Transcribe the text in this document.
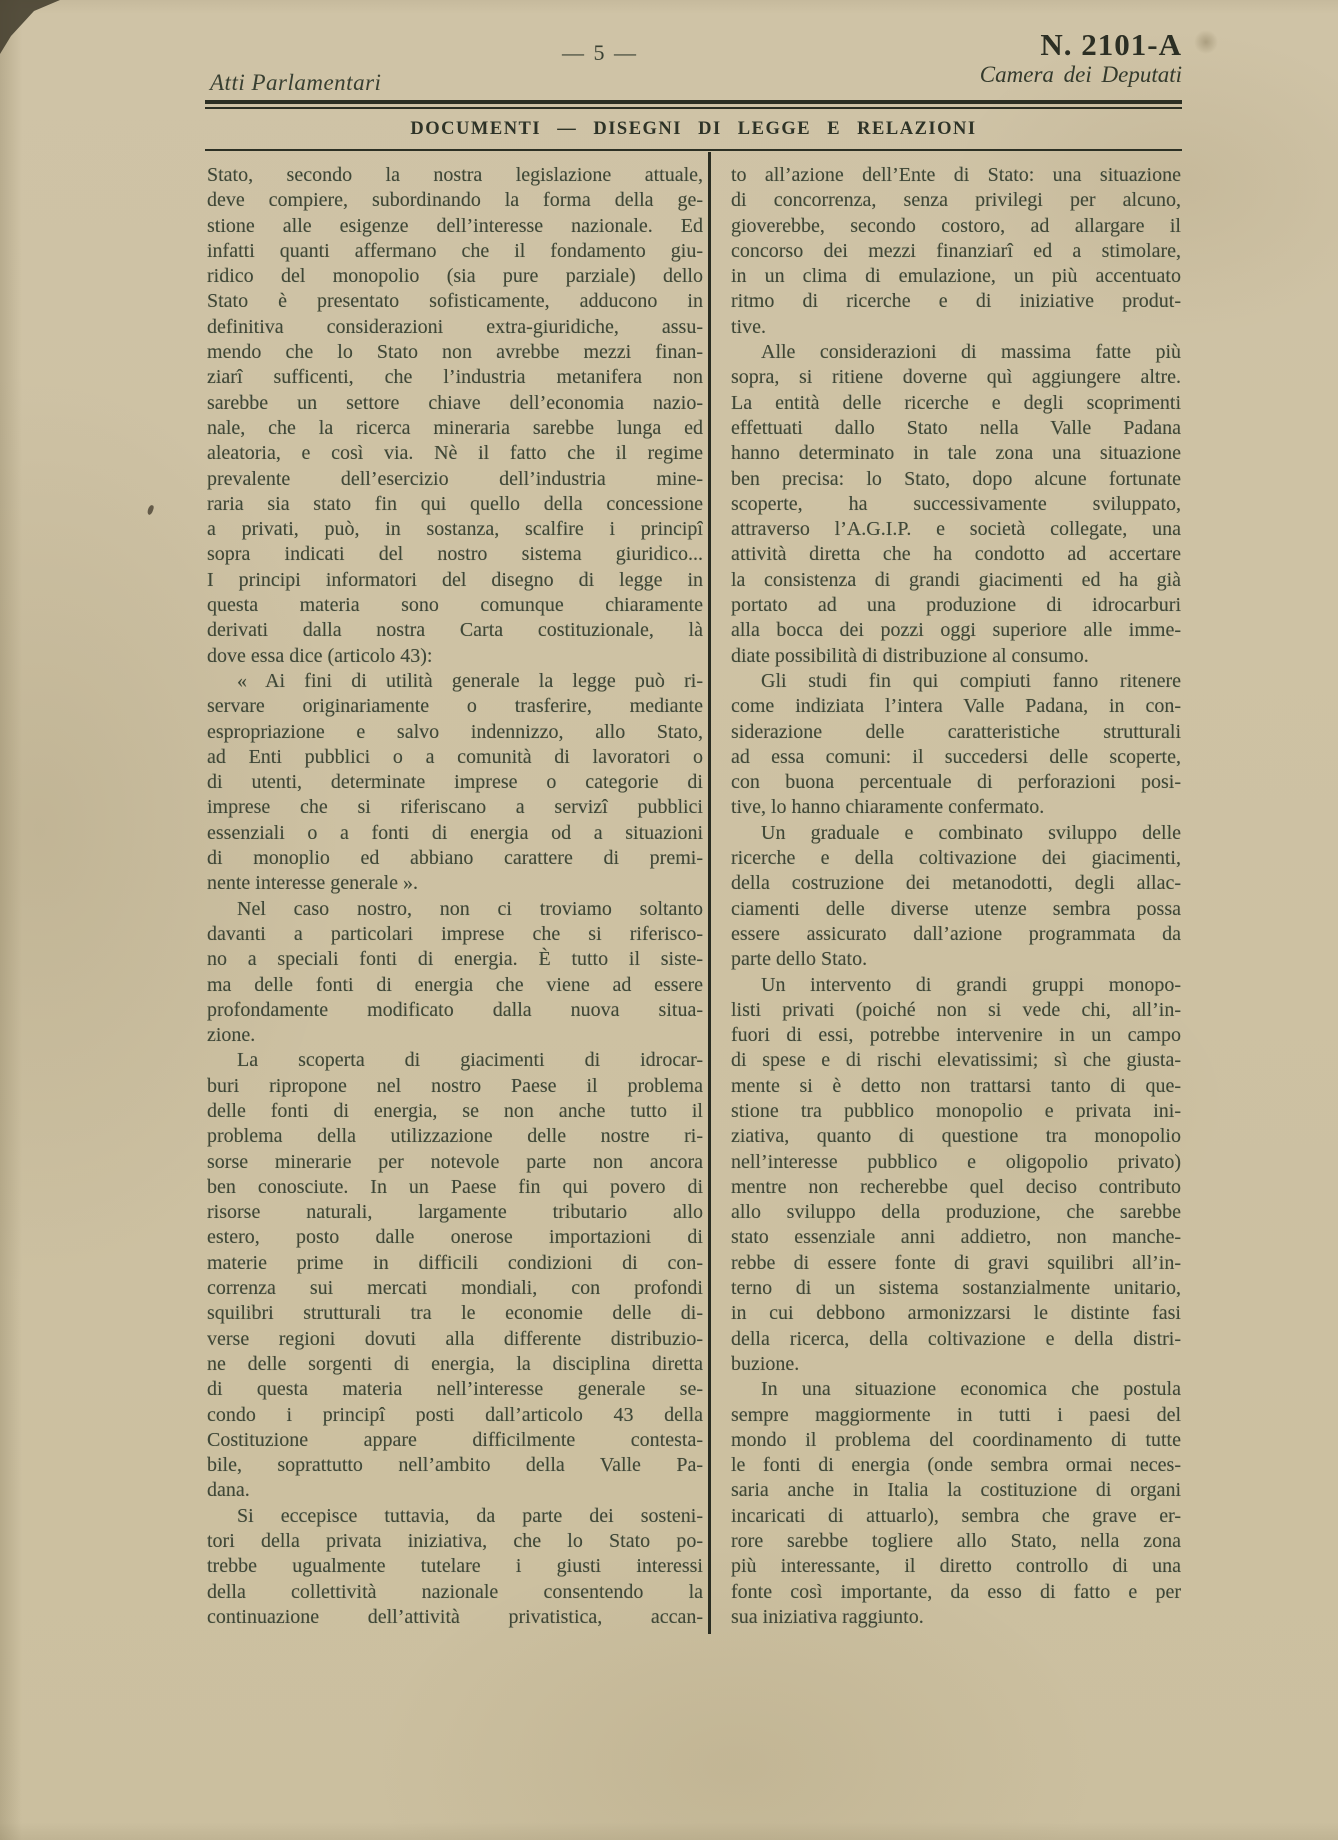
— 5 —
Atti Parlamentari
N. 2101-A
Camera dei Deputati
DOCUMENTI — DISEGNI DI LEGGE E RELAZIONI
Stato, secondo la nostra legislazione attuale,
deve compiere, subordinando la forma della ge-
stione alle esigenze dell’interesse nazionale. Ed
infatti quanti affermano che il fondamento giu-
ridico del monopolio (sia pure parziale) dello
Stato è presentato sofisticamente, adducono in
definitiva considerazioni extra-giuridiche, assu-
mendo che lo Stato non avrebbe mezzi finan-
ziarî sufficenti, che l’industria metanifera non
sarebbe un settore chiave dell’economia nazio-
nale, che la ricerca mineraria sarebbe lunga ed
aleatoria, e così via. Nè il fatto che il regime
prevalente dell’esercizio dell’industria mine-
raria sia stato fin qui quello della concessione
a privati, può, in sostanza, scalfire i principî
sopra indicati del nostro sistema giuridico...
I principi informatori del disegno di legge in
questa materia sono comunque chiaramente
derivati dalla nostra Carta costituzionale, là
dove essa dice (articolo 43):
« Ai fini di utilità generale la legge può ri-
servare originariamente o trasferire, mediante
espropriazione e salvo indennizzo, allo Stato,
ad Enti pubblici o a comunità di lavoratori o
di utenti, determinate imprese o categorie di
imprese che si riferiscano a servizî pubblici
essenziali o a fonti di energia od a situazioni
di monoplio ed abbiano carattere di premi-
nente interesse generale ».
Nel caso nostro, non ci troviamo soltanto
davanti a particolari imprese che si riferisco-
no a speciali fonti di energia. È tutto il siste-
ma delle fonti di energia che viene ad essere
profondamente modificato dalla nuova situa-
zione.
La scoperta di giacimenti di idrocar-
buri ripropone nel nostro Paese il problema
delle fonti di energia, se non anche tutto il
problema della utilizzazione delle nostre ri-
sorse minerarie per notevole parte non ancora
ben conosciute. In un Paese fin qui povero di
risorse naturali, largamente tributario allo
estero, posto dalle onerose importazioni di
materie prime in difficili condizioni di con-
correnza sui mercati mondiali, con profondi
squilibri strutturali tra le economie delle di-
verse regioni dovuti alla differente distribuzio-
ne delle sorgenti di energia, la disciplina diretta
di questa materia nell’interesse generale se-
condo i principî posti dall’articolo 43 della
Costituzione appare difficilmente contesta-
bile, soprattutto nell’ambito della Valle Pa-
dana.
Si eccepisce tuttavia, da parte dei sosteni-
tori della privata iniziativa, che lo Stato po-
trebbe ugualmente tutelare i giusti interessi
della collettività nazionale consentendo la
continuazione dell’attività privatistica, accan-
to all’azione dell’Ente di Stato: una situazione
di concorrenza, senza privilegi per alcuno,
gioverebbe, secondo costoro, ad allargare il
concorso dei mezzi finanziarî ed a stimolare,
in un clima di emulazione, un più accentuato
ritmo di ricerche e di iniziative produt-
tive.
Alle considerazioni di massima fatte più
sopra, si ritiene doverne quì aggiungere altre.
La entità delle ricerche e degli scoprimenti
effettuati dallo Stato nella Valle Padana
hanno determinato in tale zona una situazione
ben precisa: lo Stato, dopo alcune fortunate
scoperte, ha successivamente sviluppato,
attraverso l’A.G.I.P. e società collegate, una
attività diretta che ha condotto ad accertare
la consistenza di grandi giacimenti ed ha già
portato ad una produzione di idrocarburi
alla bocca dei pozzi oggi superiore alle imme-
diate possibilità di distribuzione al consumo.
Gli studi fin qui compiuti fanno ritenere
come indiziata l’intera Valle Padana, in con-
siderazione delle caratteristiche strutturali
ad essa comuni: il succedersi delle scoperte,
con buona percentuale di perforazioni posi-
tive, lo hanno chiaramente confermato.
Un graduale e combinato sviluppo delle
ricerche e della coltivazione dei giacimenti,
della costruzione dei metanodotti, degli allac-
ciamenti delle diverse utenze sembra possa
essere assicurato dall’azione programmata da
parte dello Stato.
Un intervento di grandi gruppi monopo-
listi privati (poiché non si vede chi, all’in-
fuori di essi, potrebbe intervenire in un campo
di spese e di rischi elevatissimi; sì che giusta-
mente si è detto non trattarsi tanto di que-
stione tra pubblico monopolio e privata ini-
ziativa, quanto di questione tra monopolio
nell’interesse pubblico e oligopolio privato)
mentre non recherebbe quel deciso contributo
allo sviluppo della produzione, che sarebbe
stato essenziale anni addietro, non manche-
rebbe di essere fonte di gravi squilibri all’in-
terno di un sistema sostanzialmente unitario,
in cui debbono armonizzarsi le distinte fasi
della ricerca, della coltivazione e della distri-
buzione.
In una situazione economica che postula
sempre maggiormente in tutti i paesi del
mondo il problema del coordinamento di tutte
le fonti di energia (onde sembra ormai neces-
saria anche in Italia la costituzione di organi
incaricati di attuarlo), sembra che grave er-
rore sarebbe togliere allo Stato, nella zona
più interessante, il diretto controllo di una
fonte così importante, da esso di fatto e per
sua iniziativa raggiunto.
